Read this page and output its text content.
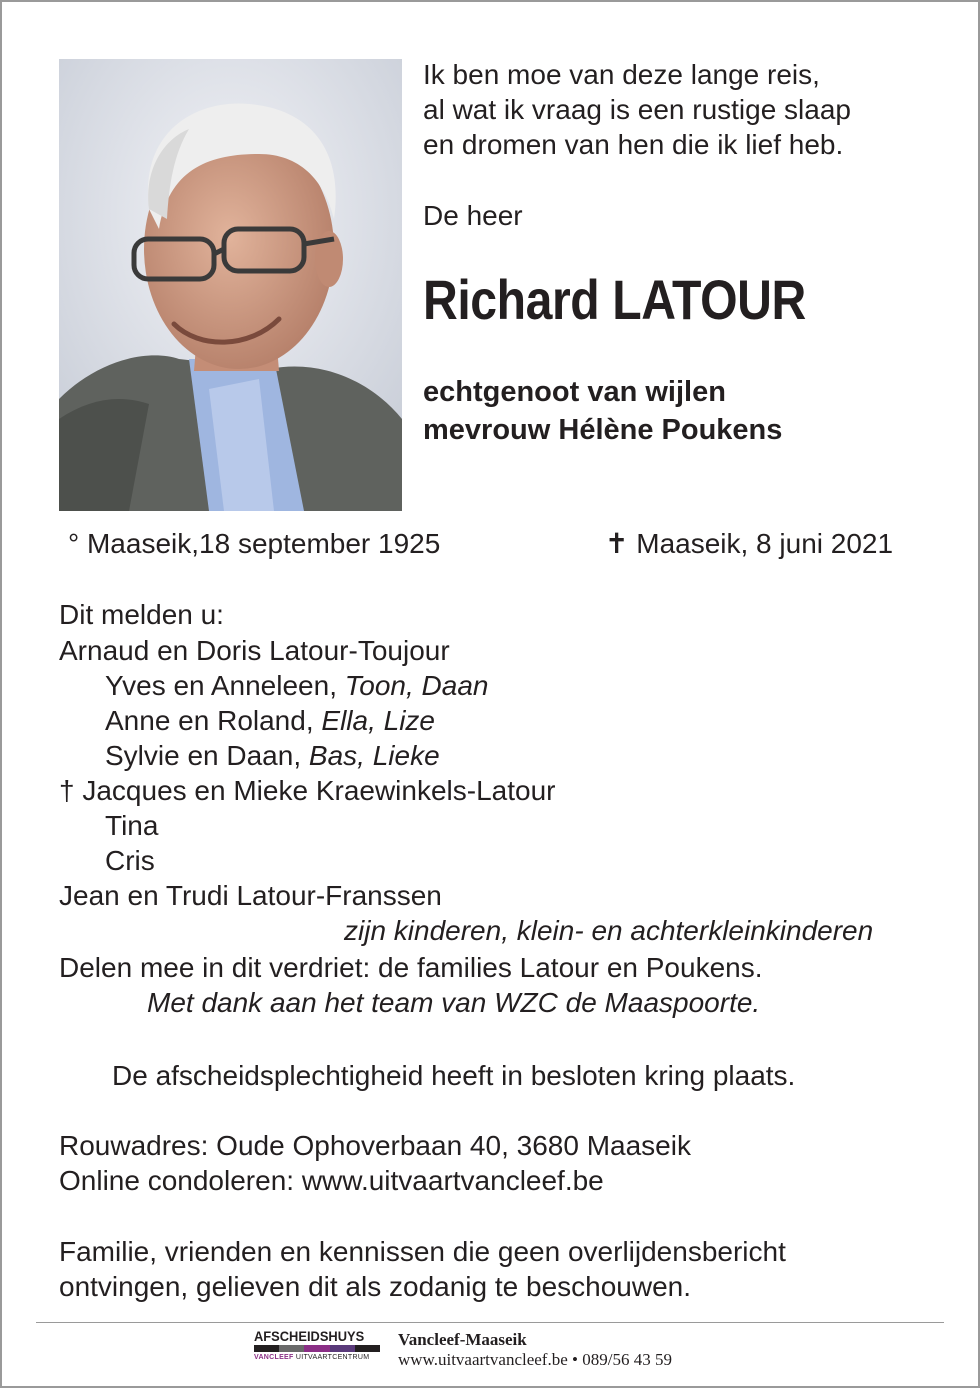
Ik ben moe van deze lange reis,
al wat ik vraag is een rustige slaap
en dromen van hen die ik lief heb.
De heer
Richard LATOUR
echtgenoot van wijlen
mevrouw Hélène Poukens
° Maaseik,18 september 1925	✝ Maaseik, 8 juni 2021
Dit melden u:
Arnaud en Doris Latour-Toujour
Yves en Anneleen, Toon, Daan
Anne en Roland, Ella, Lize
Sylvie en Daan, Bas, Lieke
† Jacques en Mieke Kraewinkels-Latour
Tina
Cris
Jean en Trudi Latour-Franssen
zijn kinderen, klein- en achterkleinkinderen
Delen mee in dit verdriet: de families Latour en Poukens.
Met dank aan het team van WZC de Maaspoorte.
De afscheidsplechtigheid heeft in besloten kring plaats.
Rouwadres: Oude Ophoverbaan 40, 3680 Maaseik
Online condoleren: www.uitvaartvancleef.be
Familie, vrienden en kennissen die geen overlijdensbericht
ontvingen, gelieven dit als zodanig te beschouwen.
AFSCHEIDSHUYS
VANCLEEF UITVAARTCENTRUM
Vancleef-Maaseik
www.uitvaartvancleef.be • 089/56 43 59
